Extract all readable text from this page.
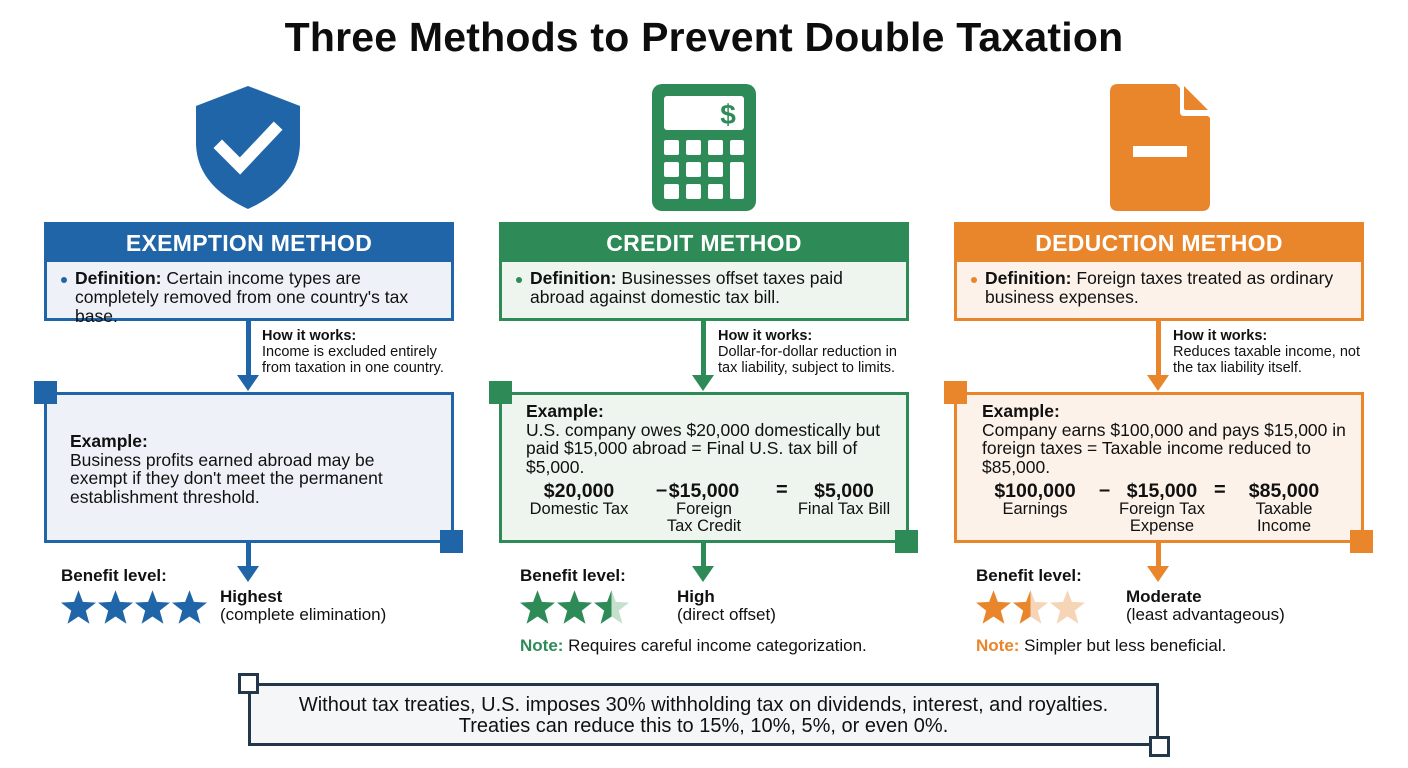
Three Methods to Prevent Double Taxation
EXEMPTION METHOD
Definition: Certain income types are completely removed from one country's tax base.
How it works:
Income is excluded entirely from taxation in one country.
Example:
Business profits earned abroad may be exempt if they don't meet the permanent establishment threshold.
Benefit level:
Highest
(complete elimination)
$
CREDIT METHOD
Definition: Businesses offset taxes paid abroad against domestic tax bill.
How it works:
Dollar-for-dollar reduction in tax liability, subject to limits.
Example:
U.S. company owes $20,000 domestically but paid $15,000 abroad = Final U.S. tax bill of $5,000.
$20,000
Domestic Tax
– $15,000
Foreign Tax Credit
=	$5,000
Final Tax Bill
Benefit level:
High
(direct offset)
Note: Requires careful income categorization.
DEDUCTION METHOD
Definition: Foreign taxes treated as ordinary business expenses.
How it works:
Reduces taxable income, not the tax liability itself.
Example:
Company earns $100,000 and pays $15,000 in foreign taxes = Taxable income reduced to $85,000.
$100,000
Earnings
– $15,000
Foreign Tax Expense
=	$85,000
Taxable Income
Benefit level:
Moderate
(least advantageous)
Note: Simpler but less beneficial.
Without tax treaties, U.S. imposes 30% withholding tax on dividends, interest, and royalties.
Treaties can reduce this to 15%, 10%, 5%, or even 0%.
